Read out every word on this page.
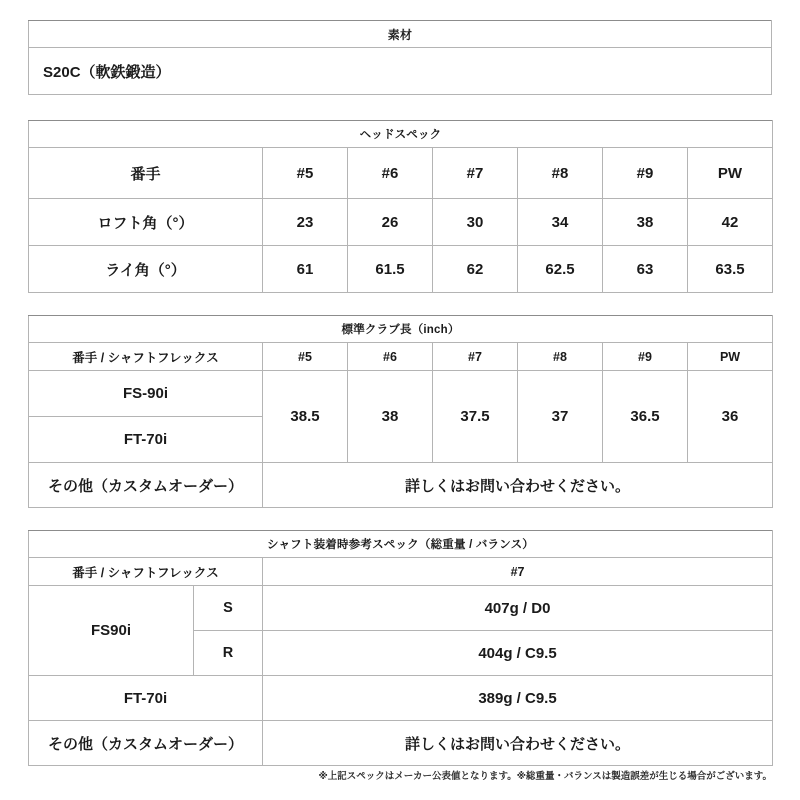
素材
S20C（軟鉄鍛造）
ヘッドスペック						
番手	#5	#6	#7	#8	#9	PW
ロフト角（°）	23	26	30	34	38	42
ライ角（°）	61	61.5	62	62.5	63	63.5
標準クラブ長（inch）						
番手 / シャフトフレックス	#5	#6	#7	#8	#9	PW
FS-90i	38.5	38	37.5	37	36.5	36
FT-70i						
その他（カスタムオーダー）	詳しくはお問い合わせください。					
シャフト装着時参考スペック（総重量 / バランス）		
番手 / シャフトフレックス		#7
FS90i	S	407g / D0
	R	404g / C9.5
FT-70i		389g / C9.5
その他（カスタムオーダー）		詳しくはお問い合わせください。
※上記スペックはメーカー公表値となります。※総重量・バランスは製造誤差が生じる場合がございます。
